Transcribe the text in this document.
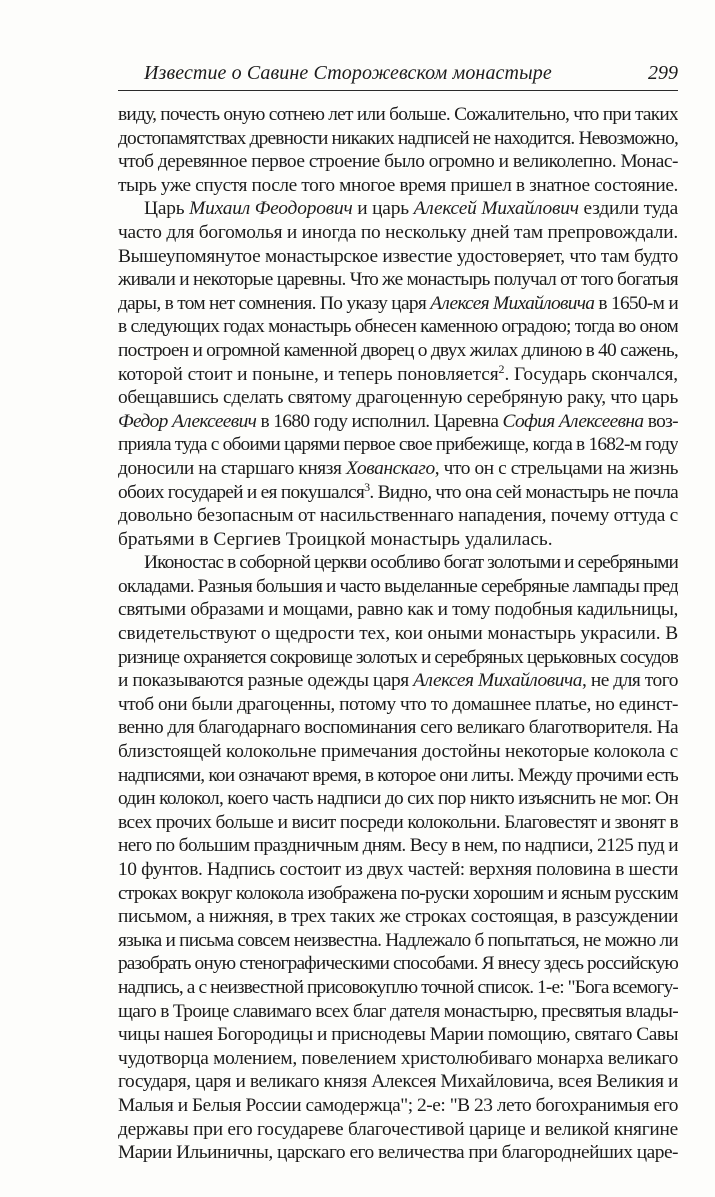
Известие о Савине Сторожевском монастыре	299
виду, почесть оную сотнею лет или больше. Сожалительно, что при таких
достопамятствах древности никаких надписей не находится. Невозможно,
чтоб деревянное первое строение было огромно и великолепно. Монас-
тырь уже спустя после того многое время пришел в знатное состояние.
Царь Михаил Феодорович и царь Алексей Михайлович ездили туда
часто для богомолья и иногда по нескольку дней там препровождали.
Вышеупомянутое монастырское известие удостоверяет, что там будто
живали и некоторые царевны. Что же монастырь получал от того богатыя
дары, в том нет сомнения. По указу царя Алексея Михайловича в 1650-м и
в следующих годах монастырь обнесен каменною оградою; тогда во оном
построен и огромной каменной дворец о двух жилах длиною в 40 сажень,
которой стоит и поныне, и теперь поновляется$^2$. Государь скончался,
обещавшись сделать святому драгоценную серебряную раку, что царь
Федор Алексеевич в 1680 году исполнил. Царевна София Алексеевна воз-
прияла туда с обоими царями первое свое прибежище, когда в 1682-м году
доносили на старшаго князя Хованскаго, что он с стрельцами на жизнь
обоих государей и ея покушался$^3$. Видно, что она сей монастырь не почла
довольно безопасным от насильственнаго нападения, почему оттуда с
братьями в Сергиев Троицкой монастырь удалилась.
Иконостас в соборной церкви особливо богат золотыми и серебряными
окладами. Разныя большия и часто выделанные серебряные лампады пред
святыми образами и мощами, равно как и тому подобныя кадильницы,
свидетельствуют о щедрости тех, кои оными монастырь украсили. В
ризнице охраняется сокровище золотых и серебряных церьковных сосудов
и показываются разные одежды царя Алексея Михайловича, не для того
чтоб они были драгоценны, потому что то домашнее платье, но единст-
венно для благодарнаго воспоминания сего великаго благотворителя. На
близстоящей колокольне примечания достойны некоторые колокола с
надписями, кои означают время, в которое они литы. Между прочими есть
один колокол, коего часть надписи до сих пор никто изъяснить не мог. Он
всех прочих больше и висит посреди колокольни. Благовестят и звонят в
него по большим праздничным дням. Весу в нем, по надписи, 2125 пуд и
10 фунтов. Надпись состоит из двух частей: верхняя половина в шести
строках вокруг колокола изображена по-руски хорошим и ясным русским
письмом, а нижняя, в трех таких же строках состоящая, в разсуждении
языка и письма совсем неизвестна. Надлежало б попытаться, не можно ли
разобрать оную стенографическими способами. Я внесу здесь российскую
надпись, а с неизвестной присовокуплю точной список. 1-е: "Бога всемогу-
щаго в Троице славимаго всех благ дателя монастырю, пресвятыя влады-
чицы нашея Богородицы и приснодевы Марии помощию, святаго Савы
чудотворца молением, повелением христолюбиваго монарха великаго
государя, царя и великаго князя Алексея Михайловича, всея Великия и
Малыя и Белыя России самодержца"; 2-е: "В 23 лето богохранимыя его
державы при его государеве благочестивой царице и великой княгине
Марии Ильиничны, царскаго его величества при благороднейших царе-
